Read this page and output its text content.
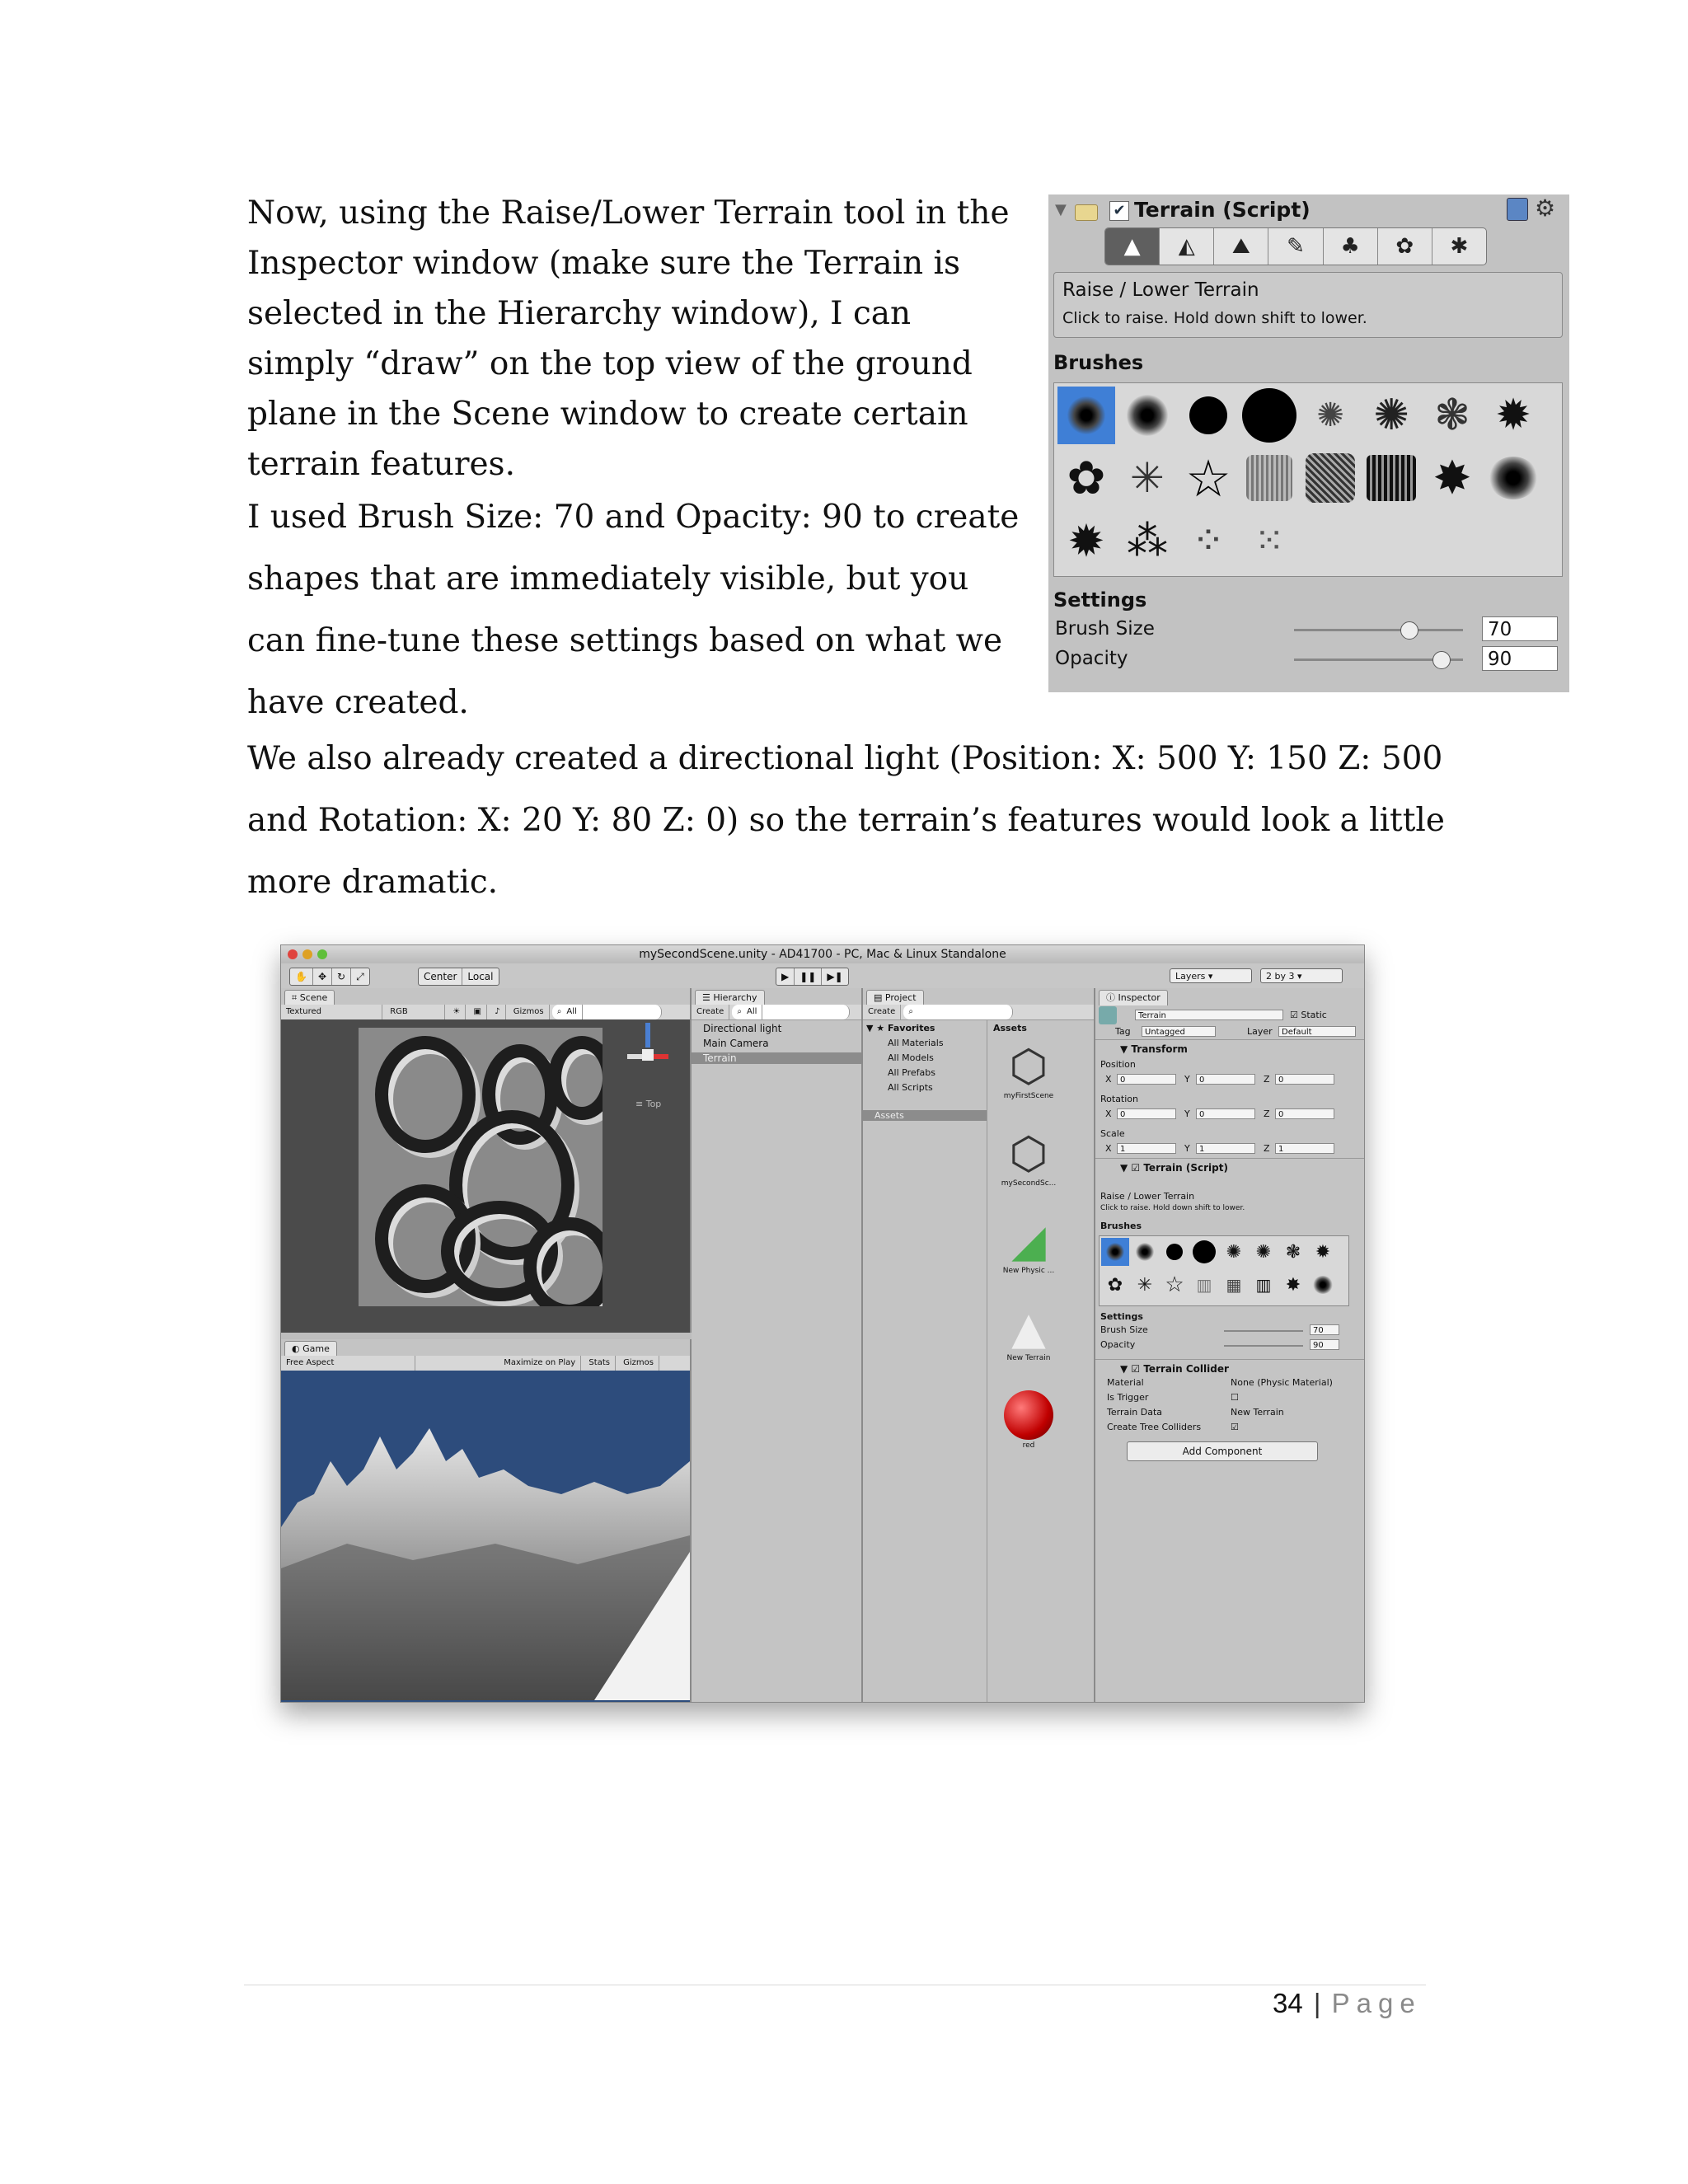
Now, using the Raise/Lower Terrain tool in the Inspector window (make sure the Terrain is selected in the Hierarchy window), I can simply “draw” on the top view of the ground plane in the Scene window to create certain terrain features.

I used Brush Size: 70 and Opacity: 90 to create shapes that are immediately visible, but you can fine-tune these settings based on what we have created.

We also already created a directional light (Position: X: 500 Y: 150 Z: 500 and Rotation: X: 20 Y: 80 Z: 0) so the terrain’s features would look a little more dramatic.

▼	✔ Terrain (Script)	⚙
▲	◭	⛰	✎	♣	✿	✱
Raise / Lower Terrain
Click to raise. Hold down shift to lower.
Brushes
✺ ✺ ❃ ✹
✿ ✳ ☆	✸
✹ ⁂ ⁘ ⁙
Settings
Brush Size	70
Opacity	90
mySecondScene.unity - AD41700 - PC, Mac & Linux Standalone
✋	✥	↻	⤢	Center	Local	▶	❚❚	▶❚	Layers ▾	2 by 3 ▾
⌗ Scene
Textured	RGB	☀ ▣ ♪ Gizmos ⌕ All
≡ Top
◐ Game
Free Aspect	Maximize on Play Stats Gizmos
☰ Hierarchy
Create ⌕ All
Directional light
Main Camera
Terrain
▤ Project
Create ⌕
▼ ★ Favorites
All Materials
All Models
All Prefabs
All Scripts
Assets
Assets
⬡
myFirstScene
⬡
mySecondSc...
◢
New Physic ...
▲
New Terrain
red
ⓘ Inspector
Terrain	☑ Static
Tag	Untagged	Layer	Default
▼ Transform
Position
X	0	Y	0	Z	0
Rotation
X	0	Y	0	Z	0
Scale
X	1	Y	1	Z	1
▼ ☑ Terrain (Script)
Raise / Lower Terrain
Click to raise. Hold down shift to lower.
Brushes
✺ ✺ ❃ ✹
✿ ✳ ☆ ▥ ▦ ▥ ✸
Settings
Brush Size	70
Opacity	90
▼ ☑ Terrain Collider
Material	None (Physic Material)
Is Trigger	☐
Terrain Data	New Terrain
Create Tree Colliders	☑
Add Component
34 | Page
